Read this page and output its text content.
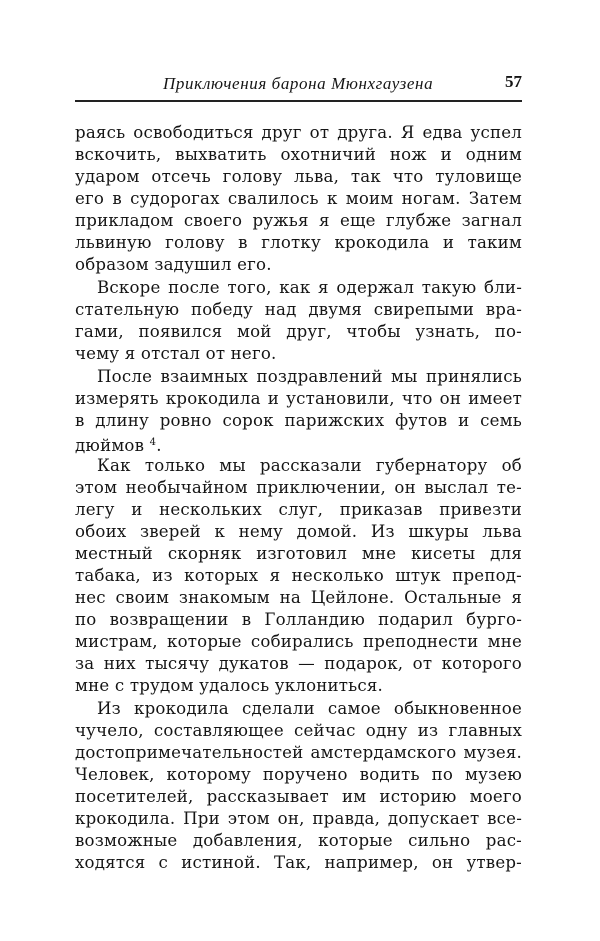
Приключения барона Мюнхгаузена	57
раясь освободиться друг от друга. Я едва успел
вскочить, выхватить охотничий нож и одним
ударом отсечь голову льва, так что туловище
его в судорогах свалилось к моим ногам. Затем
прикладом своего ружья я еще глубже загнал
львиную голову в глотку крокодила и таким
образом задушил его.
Вскоре после того, как я одержал такую бли-
стательную победу над двумя свирепыми вра-
гами, появился мой друг, чтобы узнать, по-
чему я отстал от него.
После взаимных поздравлений мы принялись
измерять крокодила и установили, что он имеет
в длину ровно сорок парижских футов и семь
дюймов $^4$.
Как только мы рассказали губернатору об
этом необычайном приключении, он выслал те-
легу и нескольких слуг, приказав привезти
обоих зверей к нему домой. Из шкуры льва
местный скорняк изготовил мне кисеты для
табака, из которых я несколько штук препод-
нес своим знакомым на Цейлоне. Остальные я
по возвращении в Голландию подарил бурго-
мистрам, которые собирались преподнести мне
за них тысячу дукатов — подарок, от которого
мне с трудом удалось уклониться.
Из крокодила сделали самое обыкновенное
чучело, составляющее сейчас одну из главных
достопримечательностей амстердамского музея.
Человек, которому поручено водить по музею
посетителей, рассказывает им историю моего
крокодила. При этом он, правда, допускает все-
возможные добавления, которые сильно рас-
ходятся с истиной. Так, например, он утвер-
